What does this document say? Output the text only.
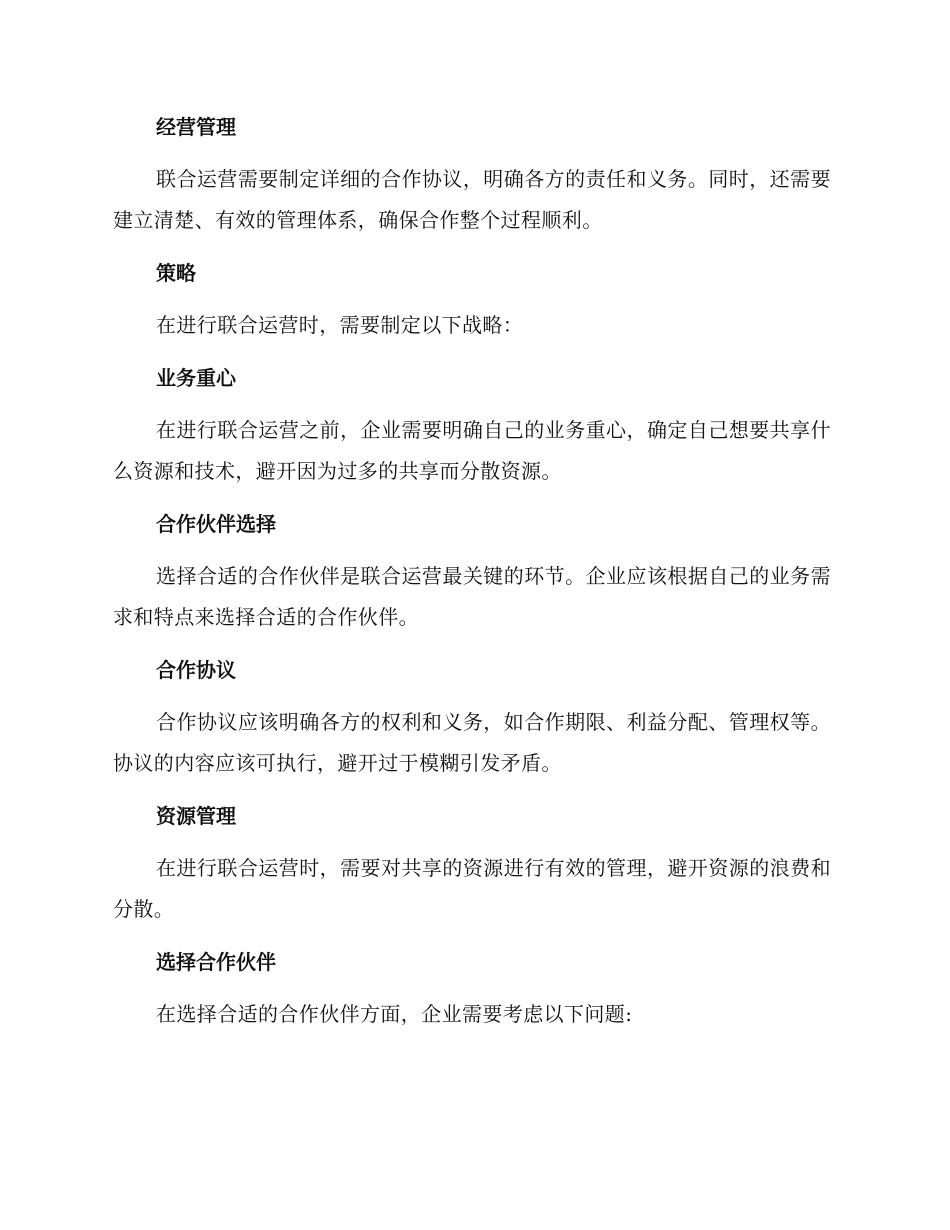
经营管理

联合运营需要制定详细的合作协议，明确各方的责任和义务。同时，还需要建立清楚、有效的管理体系，确保合作整个过程顺利。

策略

在进行联合运营时，需要制定以下战略：

业务重心

在进行联合运营之前，企业需要明确自己的业务重心，确定自己想要共享什么资源和技术，避开因为过多的共享而分散资源。

合作伙伴选择

选择合适的合作伙伴是联合运营最关键的环节。企业应该根据自己的业务需求和特点来选择合适的合作伙伴。

合作协议

合作协议应该明确各方的权利和义务，如合作期限、利益分配、管理权等。协议的内容应该可执行，避开过于模糊引发矛盾。

资源管理

在进行联合运营时，需要对共享的资源进行有效的管理，避开资源的浪费和分散。

选择合作伙伴

在选择合适的合作伙伴方面，企业需要考虑以下问题:
